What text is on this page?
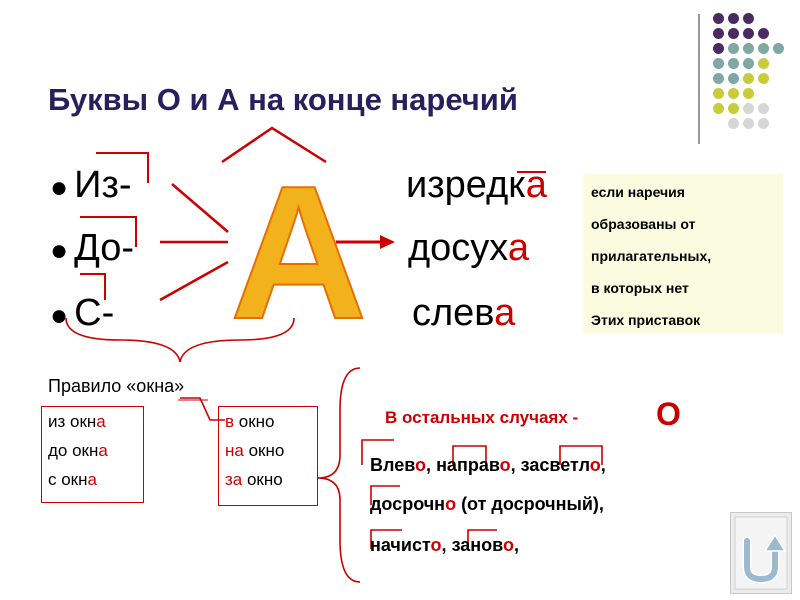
Буквы О и А на конце наречий
● Из-
● До-
● С- А изредка
досуха
слева
если наречия
образованы от
прилагательных,
в которых нет
Этих приставок
Правило «окна»
из окна
до окна
с окна
в окно
на окно
за окно
В остальных случаях - О
Влево, направо, засветло,
досрочно (от досрочный),
начисто, заново,
